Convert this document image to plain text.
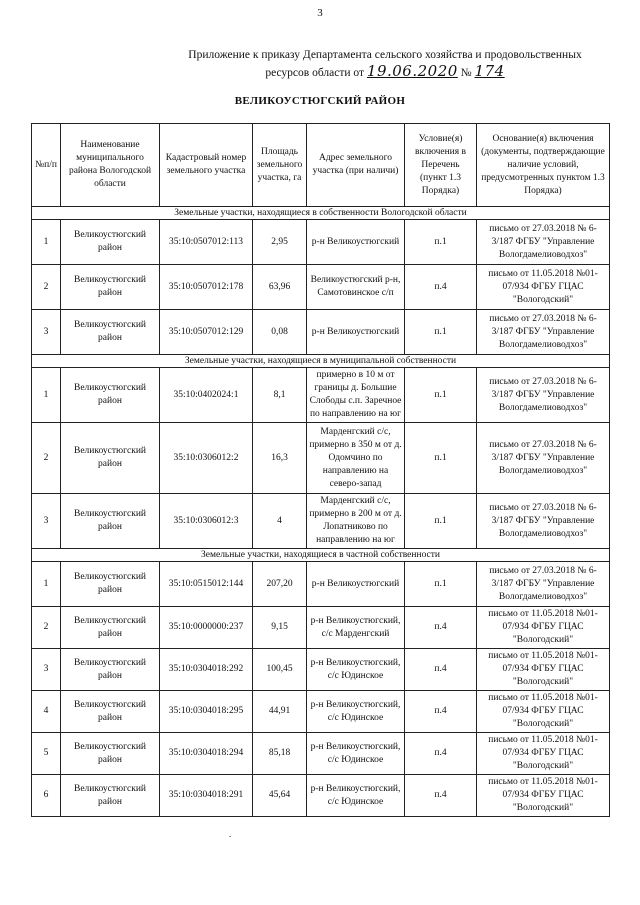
3
Приложение к приказу Департамента сельского хозяйства и продовольственных
ресурсов области от 19.06.2020 № 174
ВЕЛИКОУСТЮГСКИЙ РАЙОН
№п/п	Наименование муниципального района Вологодской области	Кадастровый номер земельного участка	Площадь земельного участка, га	Адрес земельного участка (при наличи)	Условие(я) включения в Перечень (пункт 1.3 Порядка)	Основание(я) включения (документы, подтверждающие наличие условий, предусмотренных пунктом 1.3 Порядка)
Земельные участки, находящиеся в собственности Вологодской области						
1	Великоустюгский район	35:10:0507012:113	2,95	р-н Великоустюгский	п.1	письмо от 27.03.2018 № 6-3/187 ФГБУ "Управление Вологдамелиоводхоз"
2	Великоустюгский район	35:10:0507012:178	63,96	Великоустюгский р-н, Самотовинское с/п	п.4	письмо от 11.05.2018 №01-07/934 ФГБУ ГЦАС "Вологодский"
3	Великоустюгский район	35:10:0507012:129	0,08	р-н Великоустюгский	п.1	письмо от 27.03.2018 № 6-3/187 ФГБУ "Управление Вологдамелиоводхоз"
Земельные участки, находящиеся в муниципальной собственности						
1	Великоустюгский район	35:10:0402024:1	8,1	примерно в 10 м от границы д. Большие Слободы с.п. Заречное по направлению на юг	п.1	письмо от 27.03.2018 № 6-3/187 ФГБУ "Управление Вологдамелиоводхоз"
2	Великоустюгский район	35:10:0306012:2	16,3	Марденгский с/с, примерно в 350 м от д. Одомчино по направлению на северо-запад	п.1	письмо от 27.03.2018 № 6-3/187 ФГБУ "Управление Вологдамелиоводхоз"
3	Великоустюгский район	35:10:0306012:3	4	Марденгский с/с, примерно в 200 м от д. Лопатниково по направлению на юг	п.1	письмо от 27.03.2018 № 6-3/187 ФГБУ "Управление Вологдамелиоводхоз"
Земельные участки, находящиеся в частной собственности						
1	Великоустюгский район	35:10:0515012:144	207,20	р-н Великоустюгский	п.1	письмо от 27.03.2018 № 6-3/187 ФГБУ "Управление Вологдамелиоводхоз"
2	Великоустюгский район	35:10:0000000:237	9,15	р-н Великоустюгский, с/с Марденгский	п.4	письмо от 11.05.2018 №01-07/934 ФГБУ ГЦАС "Вологодский"
3	Великоустюгский район	35:10:0304018:292	100,45	р-н Великоустюгский, с/с Юдинское	п.4	письмо от 11.05.2018 №01-07/934 ФГБУ ГЦАС "Вологодский"
4	Великоустюгский район	35:10:0304018:295	44,91	р-н Великоустюгский, с/с Юдинское	п.4	письмо от 11.05.2018 №01-07/934 ФГБУ ГЦАС "Вологодский"
5	Великоустюгский район	35:10:0304018:294	85,18	р-н Великоустюгский, с/с Юдинское	п.4	письмо от 11.05.2018 №01-07/934 ФГБУ ГЦАС "Вологодский"
6	Великоустюгский район	35:10:0304018:291	45,64	р-н Великоустюгский, с/с Юдинское	п.4	письмо от 11.05.2018 №01-07/934 ФГБУ ГЦАС "Вологодский"
.
